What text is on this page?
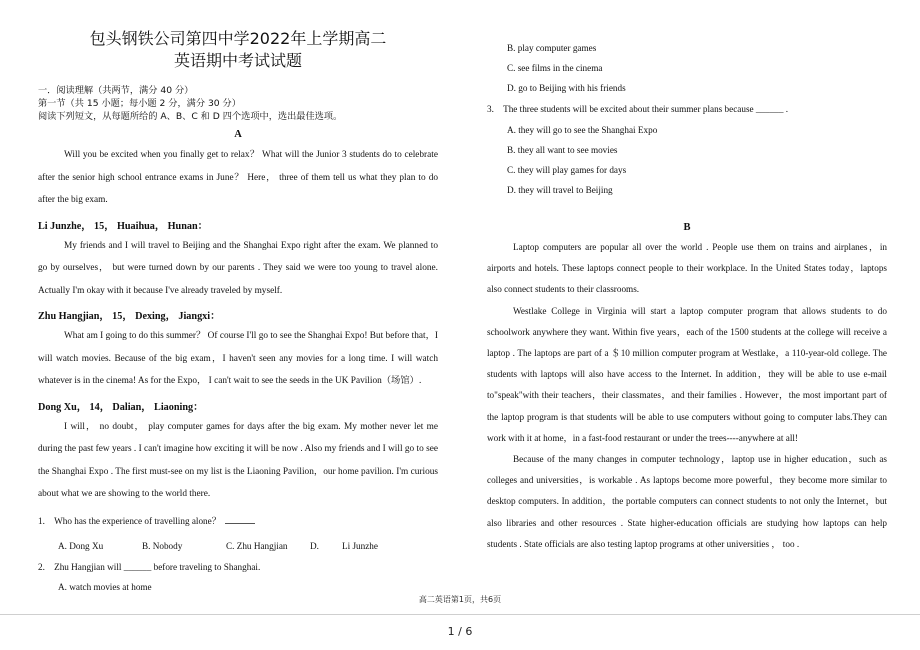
包头钢铁公司第四中学2022年上学期高二
英语期中考试试题
一．阅读理解（共两节，满分 40 分）
第一节（共 15 小题；每小题 2 分，满分 30 分）
阅读下列短文，从每题所给的 A、B、C 和 D 四个选项中，选出最佳选项。
A

Will you be excited when you finally get to relax？ What will the Junior 3 students do to celebrate after the senior high school entrance exams in June？ Here， three of them tell us what they plan to do after the big exam.

Li Junzhe， 15， Huaihua， Hunan：

My friends and I will travel to Beijing and the Shanghai Expo right after the exam. We planned to go by ourselves， but were turned down by our parents . They said we were too young to travel alone. Actually I'm okay with it because I've already traveled by myself.

Zhu Hangjian， 15， Dexing， Jiangxi：

What am I going to do this summer？ Of course I'll go to see the Shanghai Expo! But before that，I will watch movies. Because of the big exam，I haven't seen any movies for a long time. I will watch whatever is in the cinema! As for the Expo， I can't wait to see the seeds in the UK Pavilion（场馆）.

Dong Xu， 14， Dalian， Liaoning：

I will， no doubt， play computer games for days after the big exam. My mother never let me during the past few years . I can't imagine how exciting it will be now . Also my friends and I will go to see the Shanghai Expo . The first must-see on my list is the Liaoning Pavilion，our home pavilion. I'm curious about what we are showing to the world there.

1.　Who has the experience of travelling alone？
A. Dong Xu	B. Nobody	C. Zhu Hangjian	D.	Li Junzhe
2.　Zhu Hangjian will ______ before traveling to Shanghai.
A. watch movies at home
B. play computer games
C. see films in the cinema
D. go to Beijing with his friends
3.　The three students will be excited about their summer plans because ______ .
A. they will go to see the Shanghai Expo
B. they all want to see movies
C. they will play games for days
D. they will travel to Beijing
B

Laptop computers are popular all over the world . People use them on trains and airplanes，in airports and hotels. These laptops connect people to their workplace. In the United States today，laptops also connect students to their classrooms.

Westlake College in Virginia will start a laptop computer program that allows students to do schoolwork anywhere they want. Within five years，each of the 1500 students at the college will receive a laptop . The laptops are part of a ＄10 million computer program at Westlake，a 110-year-old college. The students with laptops will also have access to the Internet. In addition，they will be able to use e-mail to"speak"with their teachers，their classmates，and their families . However，the most important part of the laptop program is that students will be able to use computers without going to computer labs.They can work with it at home，in a fast-food restaurant or under the trees----anywhere at all!

Because of the many changes in computer technology，laptop use in higher education，such as colleges and universities，is workable . As laptops become more powerful，they become more similar to desktop computers. In addition，the portable computers can connect students to not only the Internet，but also libraries and other resources . State higher-education officials are studying how laptops can help students . State officials are also testing laptop programs at other universities ， too .

高二英语第1页，共6页
1 / 6
